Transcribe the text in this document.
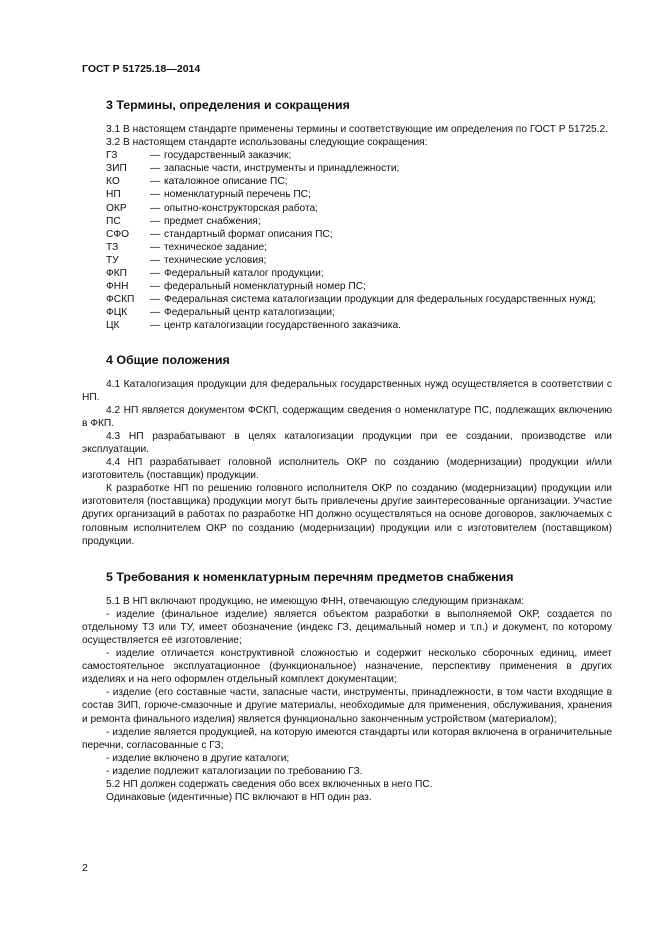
ГОСТ Р 51725.18—2014
3 Термины, определения и сокращения

3.1 В настоящем стандарте применены термины и соответствующие им определения по ГОСТ Р 51725.2.

3.2 В настоящем стандарте использованы следующие сокращения:

ГЗ	—	государственный заказчик;
ЗИП	—	запасные части, инструменты и принадлежности;
КО	—	каталожное описание ПС;
НП	—	номенклатурный перечень ПС;
ОКР	—	опытно-конструкторская работа;
ПС	—	предмет снабжения;
СФО	—	стандартный формат описания ПС;
ТЗ	—	техническое задание;
ТУ	—	технические условия;
ФКП	—	Федеральный каталог продукции;
ФНН	—	федеральный номенклатурный номер ПС;
ФСКП	—	Федеральная система каталогизации продукции для федеральных государственных нужд;
ФЦК	—	Федеральный центр каталогизации;
ЦК	—	центр каталогизации государственного заказчика.
4 Общие положения

4.1 Каталогизация продукции для федеральных государственных нужд осуществляется в соответствии с НП.

4.2 НП является документом ФСКП, содержащим сведения о номенклатуре ПС, подлежащих включению в ФКП.

4.3 НП разрабатывают в целях каталогизации продукции при ее создании, производстве или эксплуатации.

4.4 НП разрабатывает головной исполнитель ОКР по созданию (модернизации) продукции и/или изготовитель (поставщик) продукции.

К разработке НП по решению головного исполнителя ОКР по созданию (модернизации) продукции или изготовителя (поставщика) продукции могут быть привлечены другие заинтересованные организации. Участие других организаций в работах по разработке НП должно осуществляться на основе договоров, заключаемых с головным исполнителем ОКР по созданию (модернизации) продукции или с изготовителем (поставщиком) продукции.

5 Требования к номенклатурным перечням предметов снабжения

5.1 В НП включают продукцию, не имеющую ФНН, отвечающую следующим признакам:

- изделие (финальное изделие) является объектом разработки в выполняемой ОКР, создается по отдельному ТЗ или ТУ, имеет обозначение (индекс ГЗ, децимальный номер и т.п.) и документ, по которому осуществляется её изготовление;

- изделие отличается конструктивной сложностью и содержит несколько сборочных единиц, имеет самостоятельное эксплуатационное (функциональное) назначение, перспективу применения в других изделиях и на него оформлен отдельный комплект документации;

- изделие (его составные части, запасные части, инструменты, принадлежности, в том части входящие в состав ЗИП, горюче-смазочные и другие материалы, необходимые для применения, обслуживания, хранения и ремонта финального изделия) является функционально законченным устройством (материалом);

- изделие является продукцией, на которую имеются стандарты или которая включена в ограничительные перечни, согласованные с ГЗ;

- изделие включено в другие каталоги;

- изделие подлежит каталогизации по требованию ГЗ.

5.2 НП должен содержать сведения обо всех включенных в него ПС.

Одинаковые (идентичные) ПС включают в НП один раз.

2
